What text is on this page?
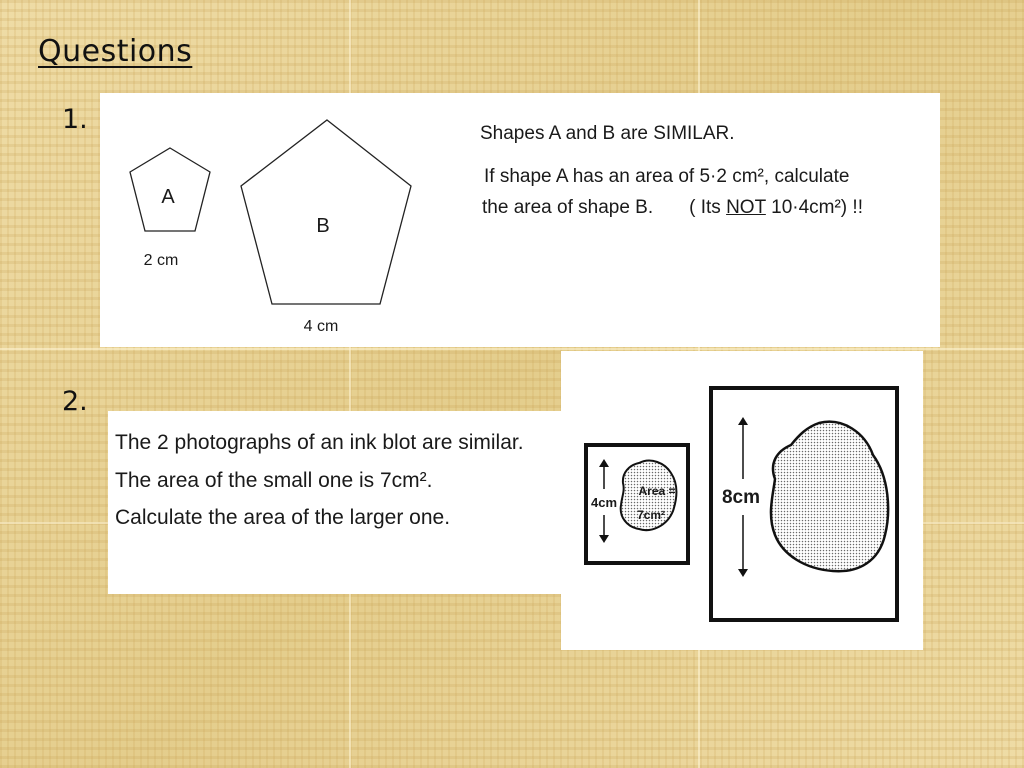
Questions
1.
A
2 cm
B
4 cm
Shapes A and B are SIMILAR.
If shape A has an area of 5·2 cm², calculate
the area of shape B. ( Its NOT 10·4cm²) !!
2.
The 2 photographs of an ink blot are similar.
The area of the small one is 7cm².
Calculate the area of the larger one.
4cm
Area =
7cm²
8cm
